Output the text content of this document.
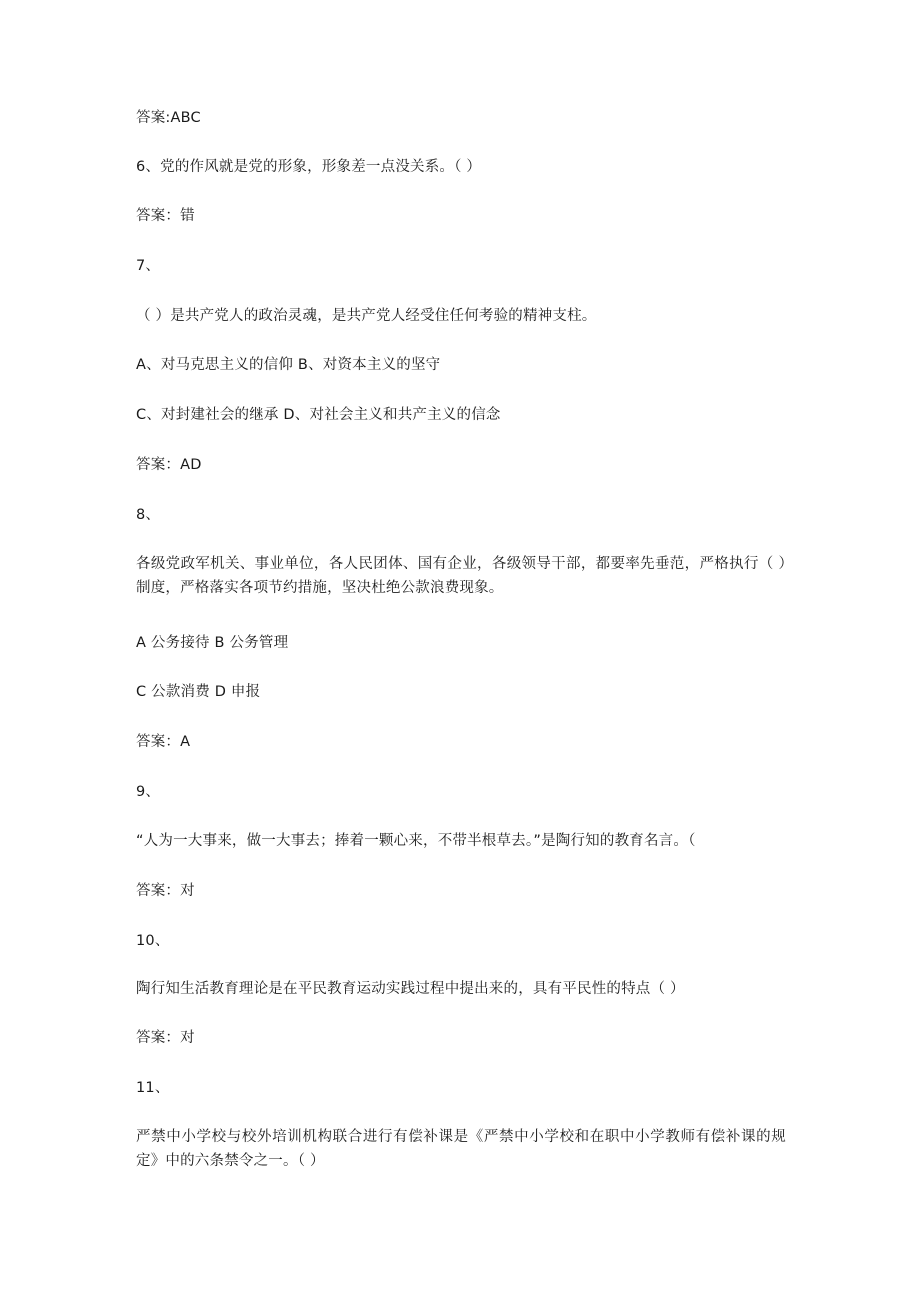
答案:ABC
6、党的作风就是党的形象，形象差一点没关系。（ ）
答案：错
7、
（ ）是共产党人的政治灵魂，是共产党人经受住任何考验的精神支柱。
A、对马克思主义的信仰 B、对资本主义的坚守
C、对封建社会的继承 D、对社会主义和共产主义的信念
答案：AD
8、
各级党政军机关、事业单位，各人民团体、国有企业，各级领导干部，都要率先垂范，严格执行（ ）制度，严格落实各项节约措施，坚决杜绝公款浪费现象。
A 公务接待 B 公务管理
C 公款消费 D 申报
答案：A
9、
“人为一大事来，做一大事去；捧着一颗心来，不带半根草去。”是陶行知的教育名言。（
答案：对
10、
陶行知生活教育理论是在平民教育运动实践过程中提出来的，具有平民性的特点（ ）
答案：对
11、
严禁中小学校与校外培训机构联合进行有偿补课是《严禁中小学校和在职中小学教师有偿补课的规定》中的六条禁令之一。（ ）
